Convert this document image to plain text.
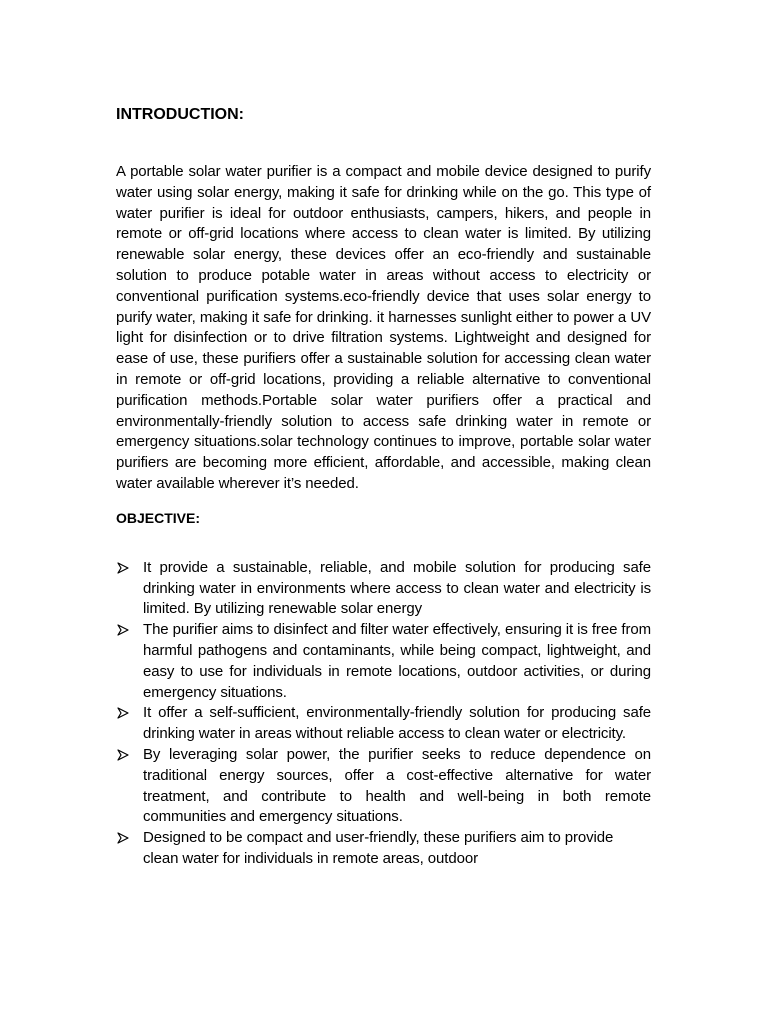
INTRODUCTION:

A portable solar water purifier is a compact and mobile device designed to purify water using solar energy, making it safe for drinking while on the go. This type of water purifier is ideal for outdoor enthusiasts, campers, hikers, and people in remote or off-grid locations where access to clean water is limited. By utilizing renewable solar energy, these devices offer an eco-friendly and sustainable solution to produce potable water in areas without access to electricity or conventional purification systems.eco-friendly device that uses solar energy to purify water, making it safe for drinking. it harnesses sunlight either to power a UV light for disinfection or to drive filtration systems. Lightweight and designed for ease of use, these purifiers offer a sustainable solution for accessing clean water in remote or off-grid locations, providing a reliable alternative to conventional purification methods.Portable solar water purifiers offer a practical and environmentally-friendly solution to access safe drinking water in remote or emergency situations.solar technology continues to improve, portable solar water purifiers are becoming more efficient, affordable, and accessible, making clean water available wherever it’s needed.

OBJECTIVE:
It provide a sustainable, reliable, and mobile solution for producing safe drinking water in environments where access to clean water and electricity is limited. By utilizing renewable solar energy
The purifier aims to disinfect and filter water effectively, ensuring it is free from harmful pathogens and contaminants, while being compact, lightweight, and easy to use for individuals in remote locations, outdoor activities, or during emergency situations.
It offer a self-sufficient, environmentally-friendly solution for producing safe drinking water in areas without reliable access to clean water or electricity.
By leveraging solar power, the purifier seeks to reduce dependence on traditional energy sources, offer a cost-effective alternative for water treatment, and contribute to health and well-being in both remote communities and emergency situations.
Designed to be compact and user-friendly, these purifiers aim to provide clean water for individuals in remote areas, outdoor
